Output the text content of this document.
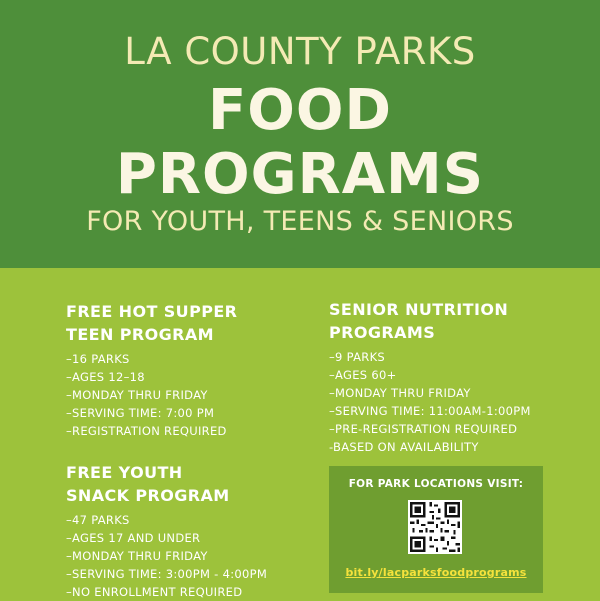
LA COUNTY PARKS
FOOD
PROGRAMS
FOR YOUTH, TEENS & SENIORS
FREE HOT SUPPER
TEEN PROGRAM
–16 PARKS
–AGES 12–18
–MONDAY THRU FRIDAY
–SERVING TIME: 7:00 PM
–REGISTRATION REQUIRED
FREE YOUTH
SNACK PROGRAM
–47 PARKS
–AGES 17 AND UNDER
–MONDAY THRU FRIDAY
–SERVING TIME: 3:00PM - 4:00PM
–NO ENROLLMENT REQUIRED
SENIOR NUTRITION
PROGRAMS
–9 PARKS
–AGES 60+
–MONDAY THRU FRIDAY
–SERVING TIME: 11:00AM-1:00PM
–PRE-REGISTRATION REQUIRED
-BASED ON AVAILABILITY
FOR PARK LOCATIONS VISIT:
bit.ly/lacparksfoodprograms
